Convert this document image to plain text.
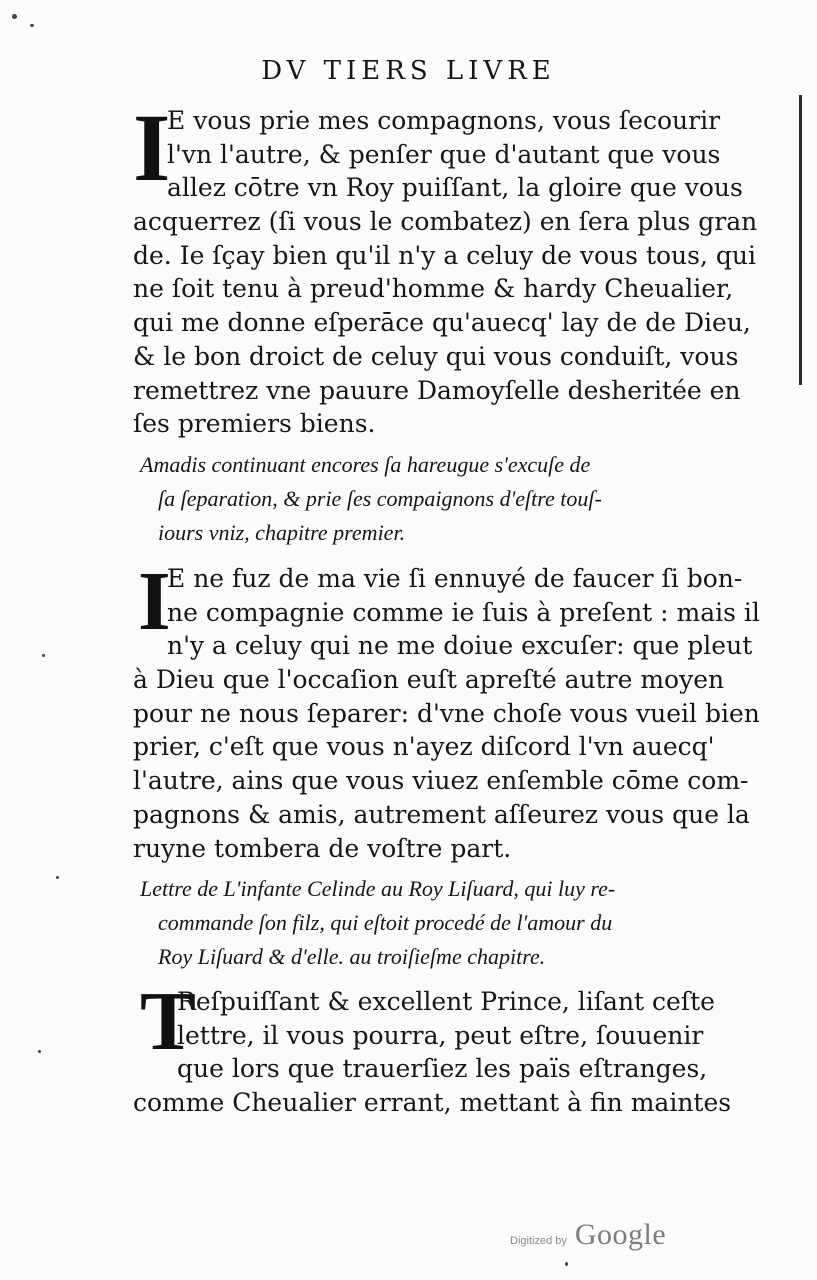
DV TIERS LIVRE
I
E vous prie mes compagnons, vous ſecourir
l'vn l'autre, & penſer que d'autant que vous
allez cōtre vn Roy puiſſant, la gloire que vous
acquerrez (ſi vous le combatez) en ſera plus gran
de. Ie ſçay bien qu'il n'y a celuy de vous tous, qui
ne ſoit tenu à preud'homme & hardy Cheualier,
qui me donne eſperāce qu'auecq' lay de de Dieu,
& le bon droict de celuy qui vous conduiſt, vous
remettrez vne pauure Damoyſelle desheritée en
ſes premiers biens.
Amadis continuant encores ſa hareugue s'excuſe de
ſa ſeparation, & prie ſes compaignons d'eſtre touſ-
iours vniz, chapitre premier.
I
E ne fuz de ma vie ſi ennuyé de faucer ſi bon-
ne compagnie comme ie ſuis à preſent : mais il
n'y a celuy qui ne me doiue excuſer: que pleut
à Dieu que l'occaſion euſt apreſté autre moyen
pour ne nous ſeparer: d'vne choſe vous vueil bien
prier, c'eſt que vous n'ayez diſcord l'vn auecq'
l'autre, ains que vous viuez enſemble cōme com-
pagnons & amis, autrement aſſeurez vous que la
ruyne tombera de voſtre part.
Lettre de L'infante Celinde au Roy Liſuard, qui luy re-
commande ſon filz, qui eſtoit procedé de l'amour du
Roy Liſuard & d'elle. au troiſieſme chapitre.
T
Reſpuiſſant & excellent Prince, liſant ceſte
lettre, il vous pourra, peut eſtre, ſouuenir
que lors que trauerſiez les païs eſtranges,
comme Cheualier errant, mettant à fin maintes
Digitized by Google
